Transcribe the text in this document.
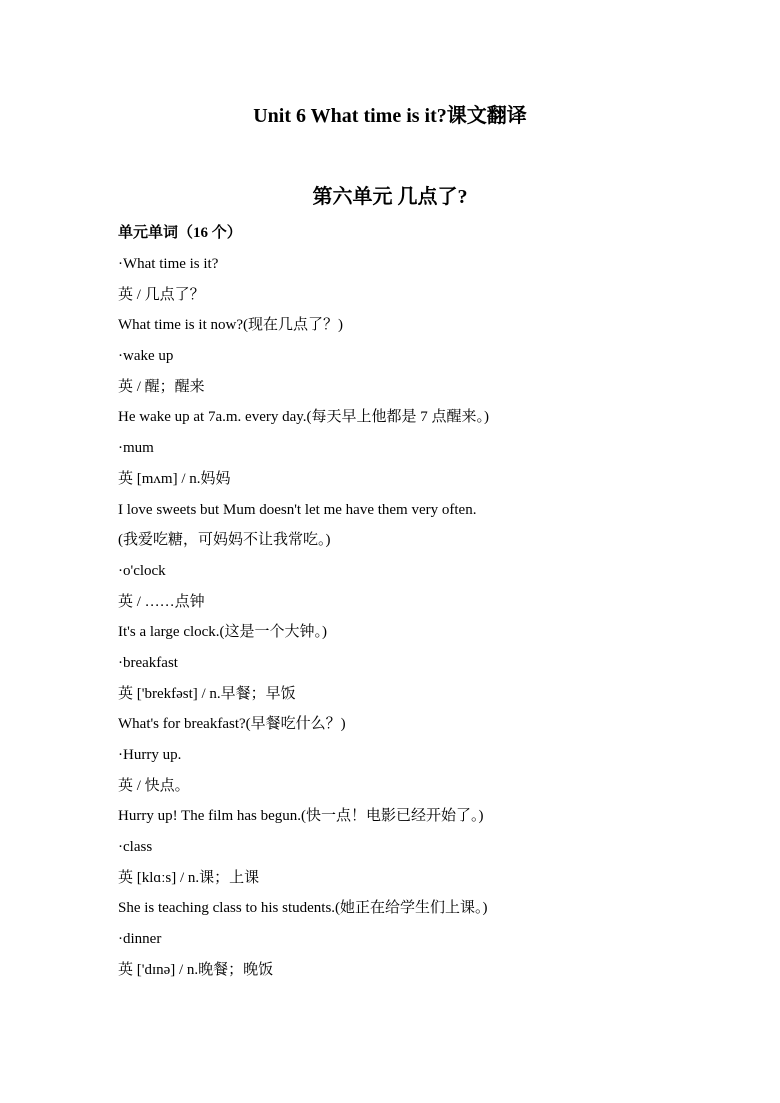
Unit 6 What time is it?课文翻译
第六单元 几点了?
单元单词（16 个）
·What time is it?
英 / 几点了？
What time is it now?(现在几点了？)
·wake up
英 / 醒；醒来
He wake up at 7a.m. every day.(每天早上他都是 7 点醒来。)
·mum
英 [mʌm] / n.妈妈
I love sweets but Mum doesn't let me have them very often.
(我爱吃糖，可妈妈不让我常吃。)
·o'clock
英 / ……点钟
It's a large clock.(这是一个大钟。)
·breakfast
英 ['brekfəst] / n.早餐；早饭
What's for breakfast?(早餐吃什么？)
·Hurry up.
英 / 快点。
Hurry up! The film has begun.(快一点！电影已经开始了。)
·class
英 [klɑːs] / n.课；上课
She is teaching class to his students.(她正在给学生们上课。)
·dinner
英 ['dɪnə] / n.晚餐；晚饭
